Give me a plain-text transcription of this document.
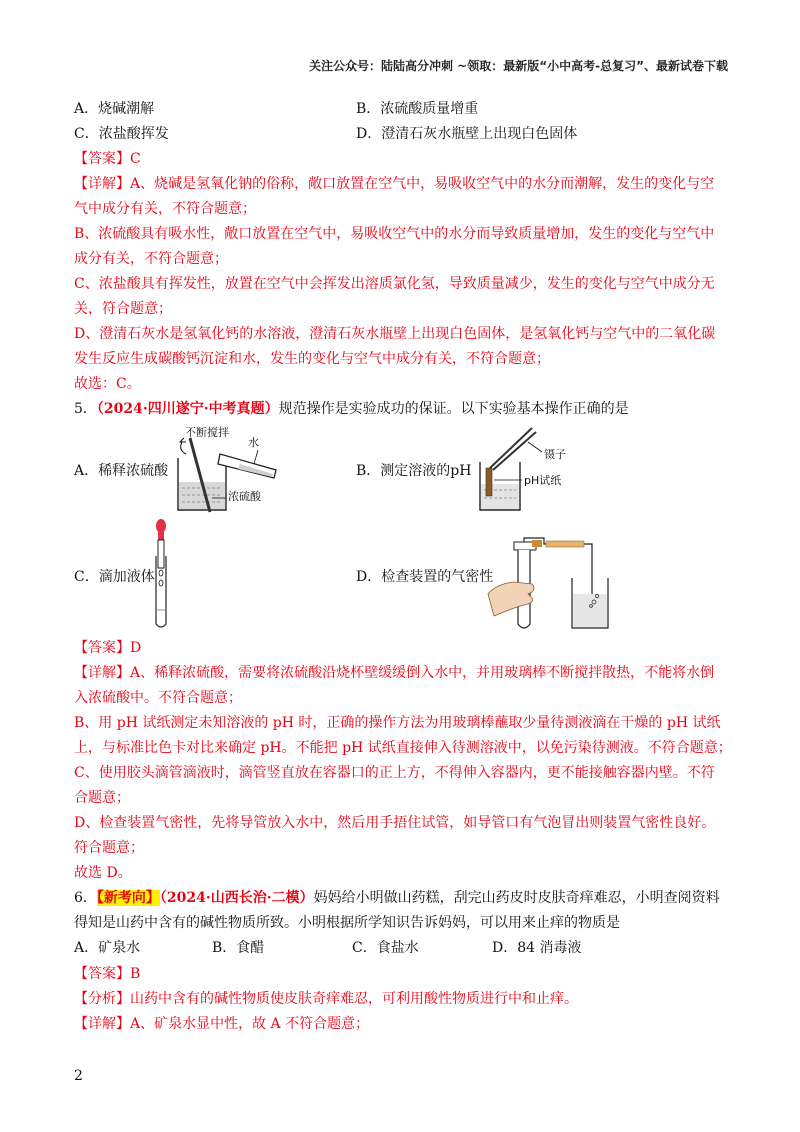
关注公众号：陆陆高分冲刺 ~领取：最新版“小中高考-总复习”、最新试卷下载
A．烧碱潮解	B．浓硫酸质量增重
C．浓盐酸挥发	D．澄清石灰水瓶壁上出现白色固体
【答案】C
【详解】A、烧碱是氢氧化钠的俗称，敞口放置在空气中，易吸收空气中的水分而潮解，发生的变化与空
气中成分有关，不符合题意；
B、浓硫酸具有吸水性，敞口放置在空气中，易吸收空气中的水分而导致质量增加，发生的变化与空气中
成分有关，不符合题意；
C、浓盐酸具有挥发性，放置在空气中会挥发出溶质氯化氢，导致质量减少，发生的变化与空气中成分无
关，符合题意；
D、澄清石灰水是氢氧化钙的水溶液，澄清石灰水瓶壁上出现白色固体，是氢氧化钙与空气中的二氧化碳
发生反应生成碳酸钙沉淀和水，发生的变化与空气中成分有关，不符合题意；
故选：C。
5．（2024·四川遂宁·中考真题）规范操作是实验成功的保证。以下实验基本操作正确的是
A．稀释浓硫酸	B．测定溶液的pH
C．滴加液体	D．检查装置的气密性
不断搅拌
水
浓硫酸
镊子
pH试纸
【答案】D
【详解】A、稀释浓硫酸，需要将浓硫酸沿烧杯壁缓缓倒入水中，并用玻璃棒不断搅拌散热，不能将水倒
入浓硫酸中。不符合题意；
B、用 pH 试纸测定未知溶液的 pH 时，正确的操作方法为用玻璃棒蘸取少量待测液滴在干燥的 pH 试纸
上，与标准比色卡对比来确定 pH。不能把 pH 试纸直接伸入待测溶液中，以免污染待测液。不符合题意；
C、使用胶头滴管滴液时，滴管竖直放在容器口的正上方，不得伸入容器内，更不能接触容器内壁。不符
合题意；
D、检查装置气密性，先将导管放入水中，然后用手捂住试管，如导管口有气泡冒出则装置气密性良好。
符合题意；
故选 D。
6．【新考向】（2024·山西长治·二模）妈妈给小明做山药糕，刮完山药皮时皮肤奇痒难忍，小明查阅资料
得知是山药中含有的碱性物质所致。小明根据所学知识告诉妈妈，可以用来止痒的物质是
A．矿泉水	B．食醋	C．食盐水	D．84 消毒液
【答案】B
【分析】山药中含有的碱性物质使皮肤奇痒难忍，可利用酸性物质进行中和止痒。
【详解】A、矿泉水显中性，故 A 不符合题意；
2
